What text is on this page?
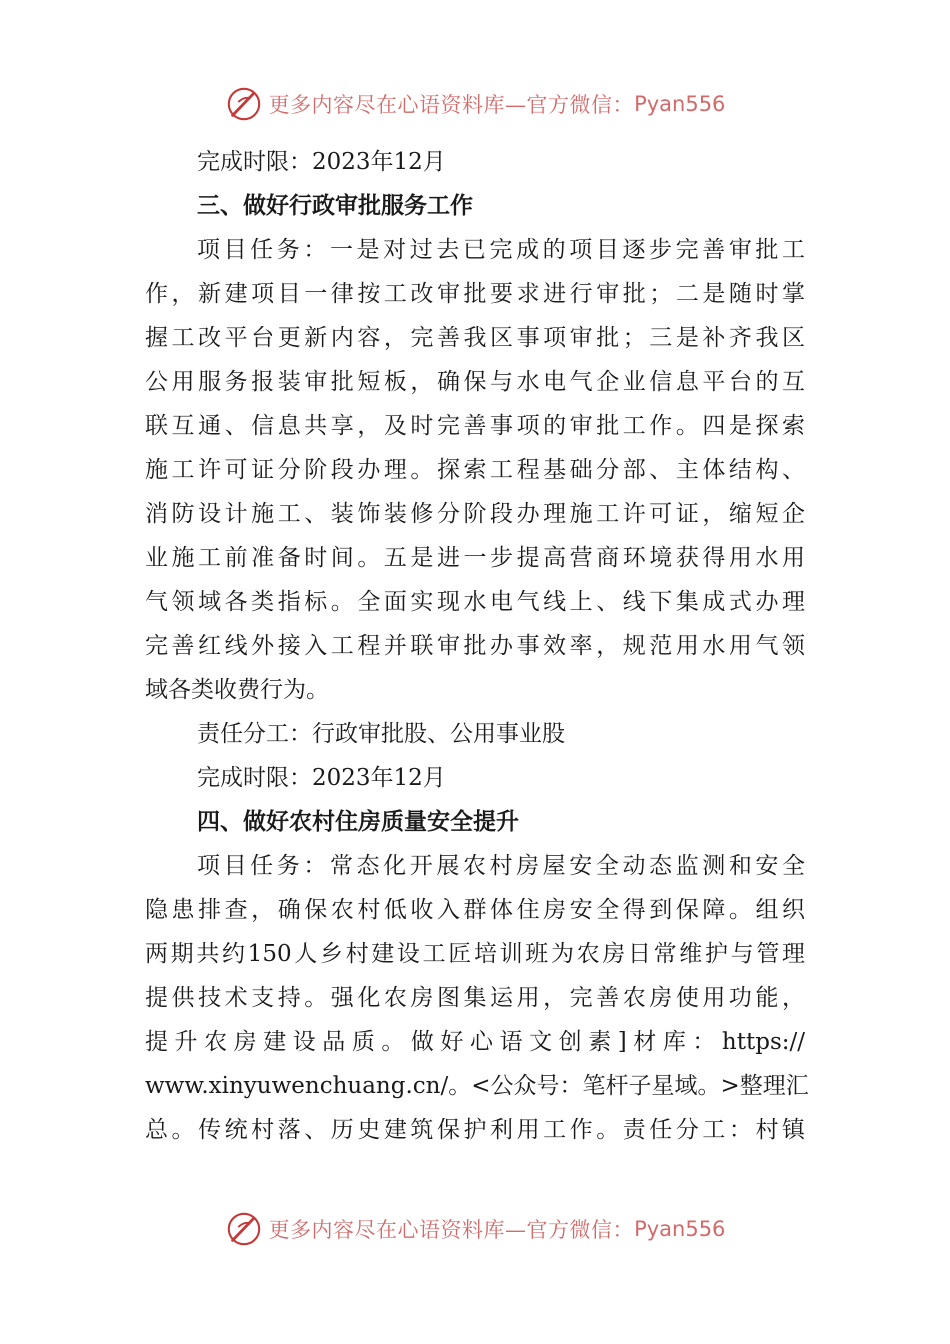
更多内容尽在心语资料库—官方微信： Pyan556
完成时限：2023年12月
三、做好行政审批服务工作
项目任务：一是对过去已完成的项目逐步完善审批工
作，新建项目一律按工改审批要求进行审批；二是随时掌
握工改平台更新内容，完善我区事项审批；三是补齐我区
公用服务报装审批短板，确保与水电气企业信息平台的互
联互通、信息共享，及时完善事项的审批工作。四是探索
施工许可证分阶段办理。探索工程基础分部、主体结构、
消防设计施工、装饰装修分阶段办理施工许可证，缩短企
业施工前准备时间。五是进一步提高营商环境获得用水用
气领域各类指标。全面实现水电气线上、线下集成式办理
完善红线外接入工程并联审批办事效率，规范用水用气领
域各类收费行为。
责任分工：行政审批股、公用事业股
完成时限：2023年12月
四、做好农村住房质量安全提升
项目任务：常态化开展农村房屋安全动态监测和安全
隐患排查，确保农村低收入群体住房安全得到保障。组织
两期共约150人乡村建设工匠培训班为农房日常维护与管理
提供技术支持。强化农房图集运用，完善农房使用功能，
提升农房建设品质。做好心语文创素]材库：https://
www.xinyuwenchuang.cn/。<公众号：笔杆子星域。>整理汇
总。传统村落、历史建筑保护利用工作。责任分工：村镇
更多内容尽在心语资料库—官方微信： Pyan556
